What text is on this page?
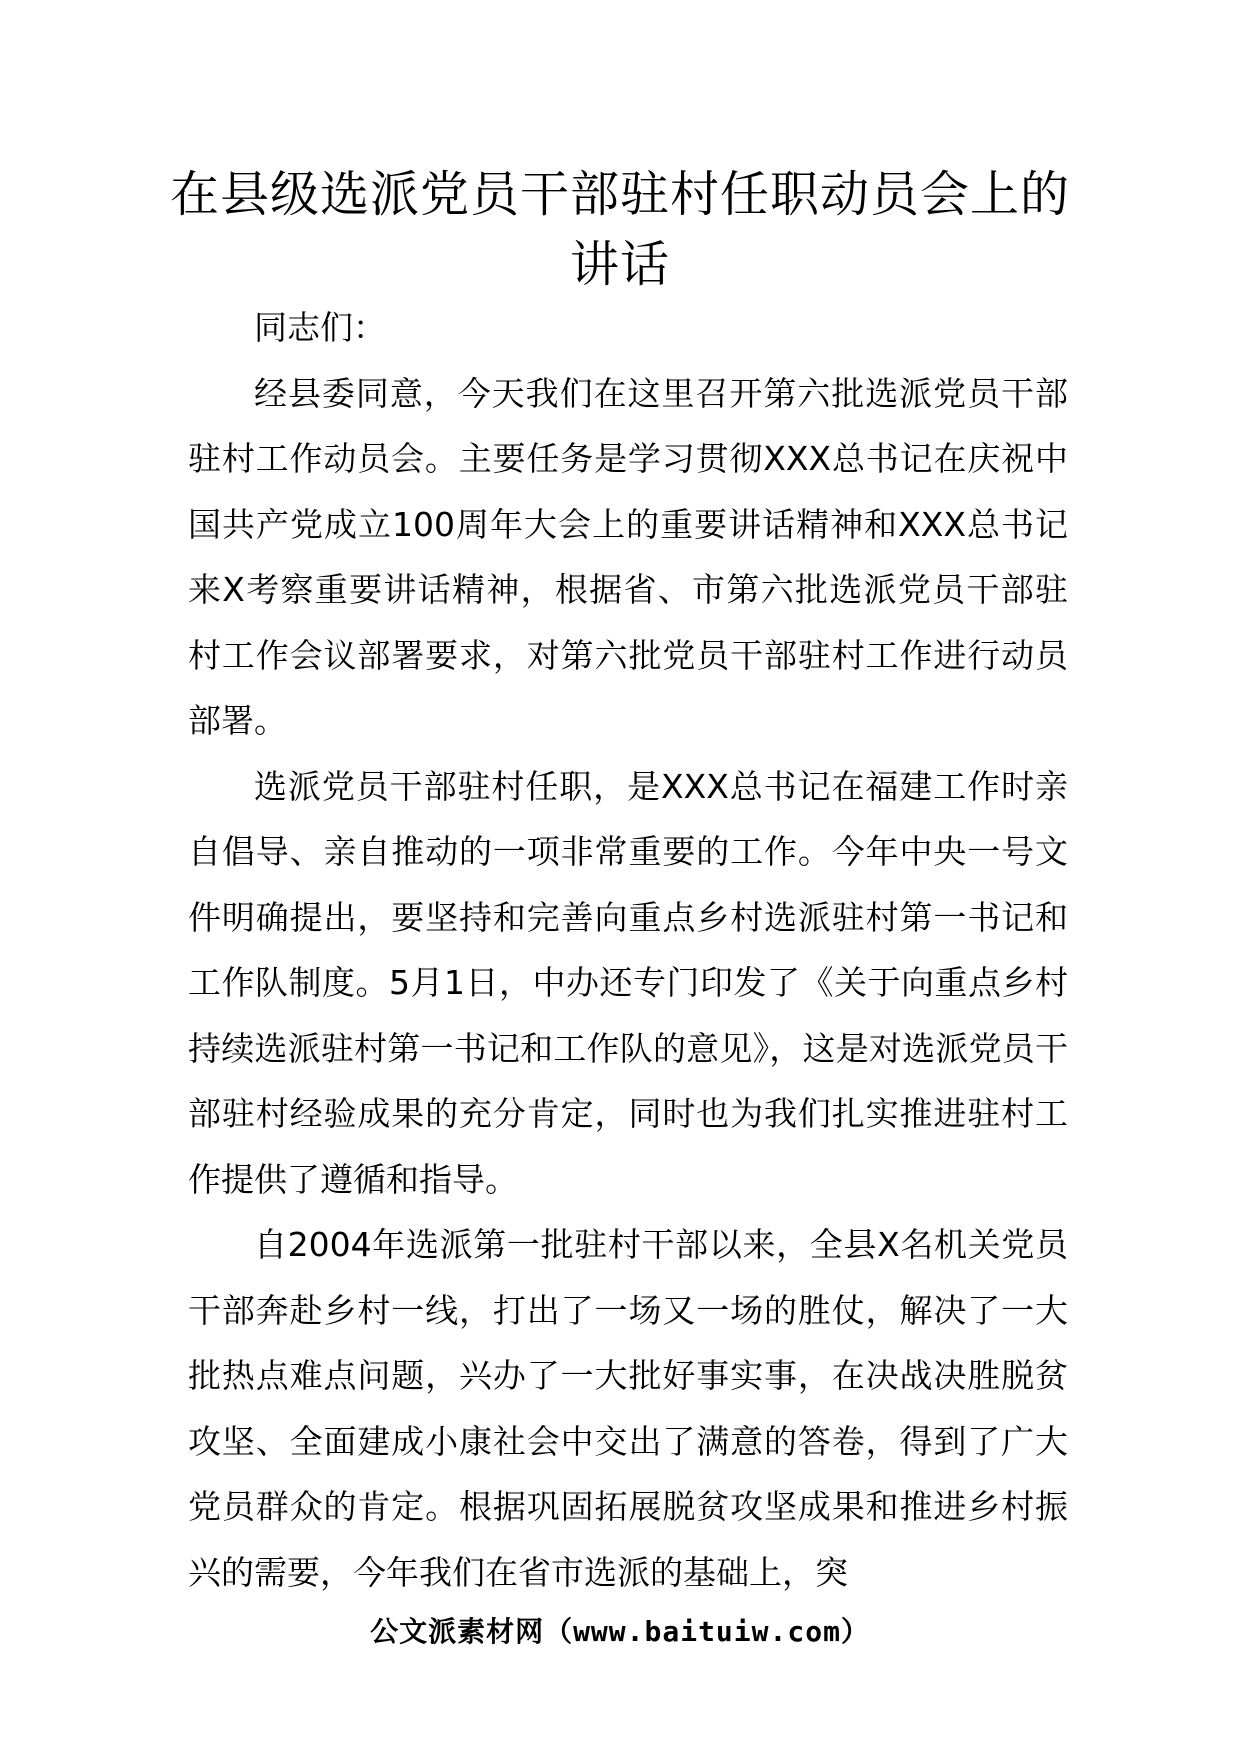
在县级选派党员干部驻村任职动员会上的
讲话

同志们：

经县委同意，今天我们在这里召开第六批选派党员干部驻村工作动员会。主要任务是学习贯彻XXX总书记在庆祝中国共产党成立100周年大会上的重要讲话精神和XXX总书记来X考察重要讲话精神，根据省、市第六批选派党员干部驻村工作会议部署要求，对第六批党员干部驻村工作进行动员部署。

选派党员干部驻村任职，是XXX总书记在福建工作时亲自倡导、亲自推动的一项非常重要的工作。今年中央一号文件明确提出，要坚持和完善向重点乡村选派驻村第一书记和工作队制度。5月1日，中办还专门印发了《关于向重点乡村持续选派驻村第一书记和工作队的意见》，这是对选派党员干部驻村经验成果的充分肯定，同时也为我们扎实推进驻村工作提供了遵循和指导。

自2004年选派第一批驻村干部以来，全县X名机关党员干部奔赴乡村一线，打出了一场又一场的胜仗，解决了一大批热点难点问题，兴办了一大批好事实事，在决战决胜脱贫攻坚、全面建成小康社会中交出了满意的答卷，得到了广大党员群众的肯定。根据巩固拓展脱贫攻坚成果和推进乡村振兴的需要，今年我们在省市选派的基础上，突

公文派素材网（www.baituiw.com）
